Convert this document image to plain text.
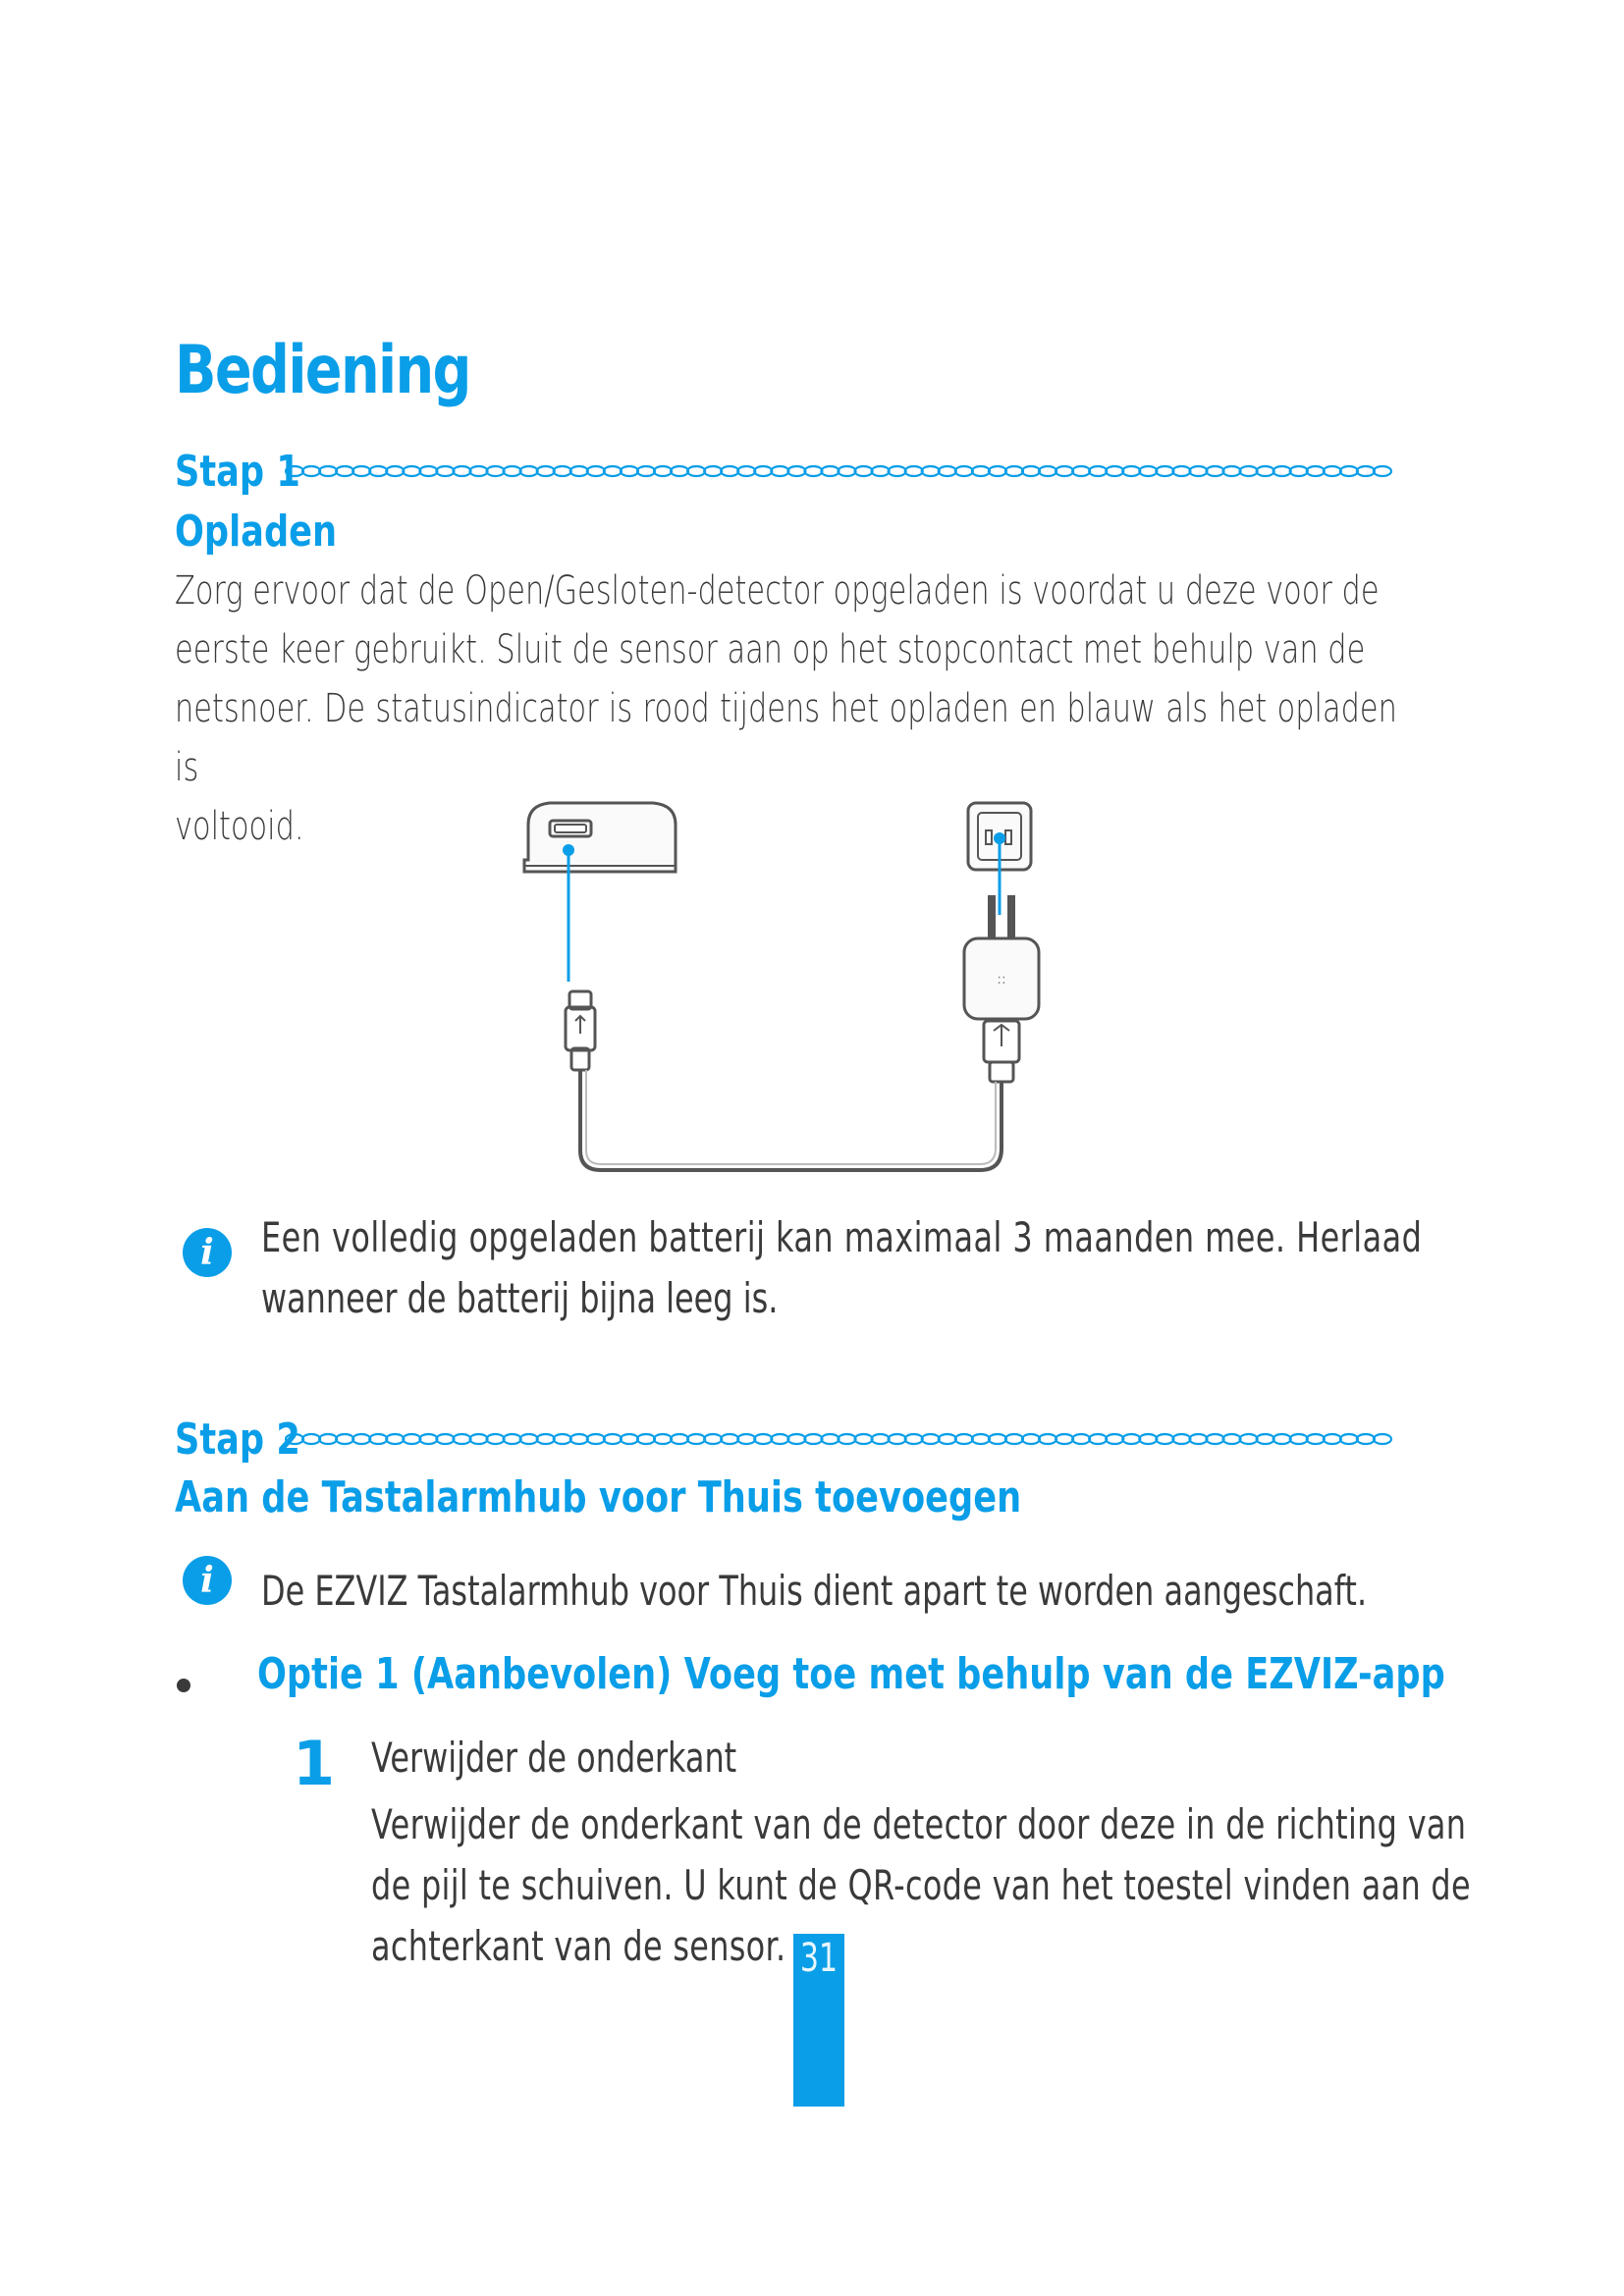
Bediening
Stap 1
Opladen
Zorg ervoor dat de Open/Gesloten-detector opgeladen is voordat u deze voor de
eerste keer gebruikt. Sluit de sensor aan op het stopcontact met behulp van de
netsnoer. De statusindicator is rood tijdens het opladen en blauw als het opladen is
voltooid.
::
i	Een volledig opgeladen batterij kan maximaal 3 maanden mee. Herlaad
wanneer de batterij bijna leeg is.
Stap 2
Aan de Tastalarmhub voor Thuis toevoegen
i	De EZVIZ Tastalarmhub voor Thuis dient apart te worden aangeschaft.
Optie 1 (Aanbevolen) Voeg toe met behulp van de EZVIZ-app
1 Verwijder de onderkant
Verwijder de onderkant van de detector door deze in de richting van
de pijl te schuiven. U kunt de QR-code van het toestel vinden aan de
achterkant van de sensor. 31
